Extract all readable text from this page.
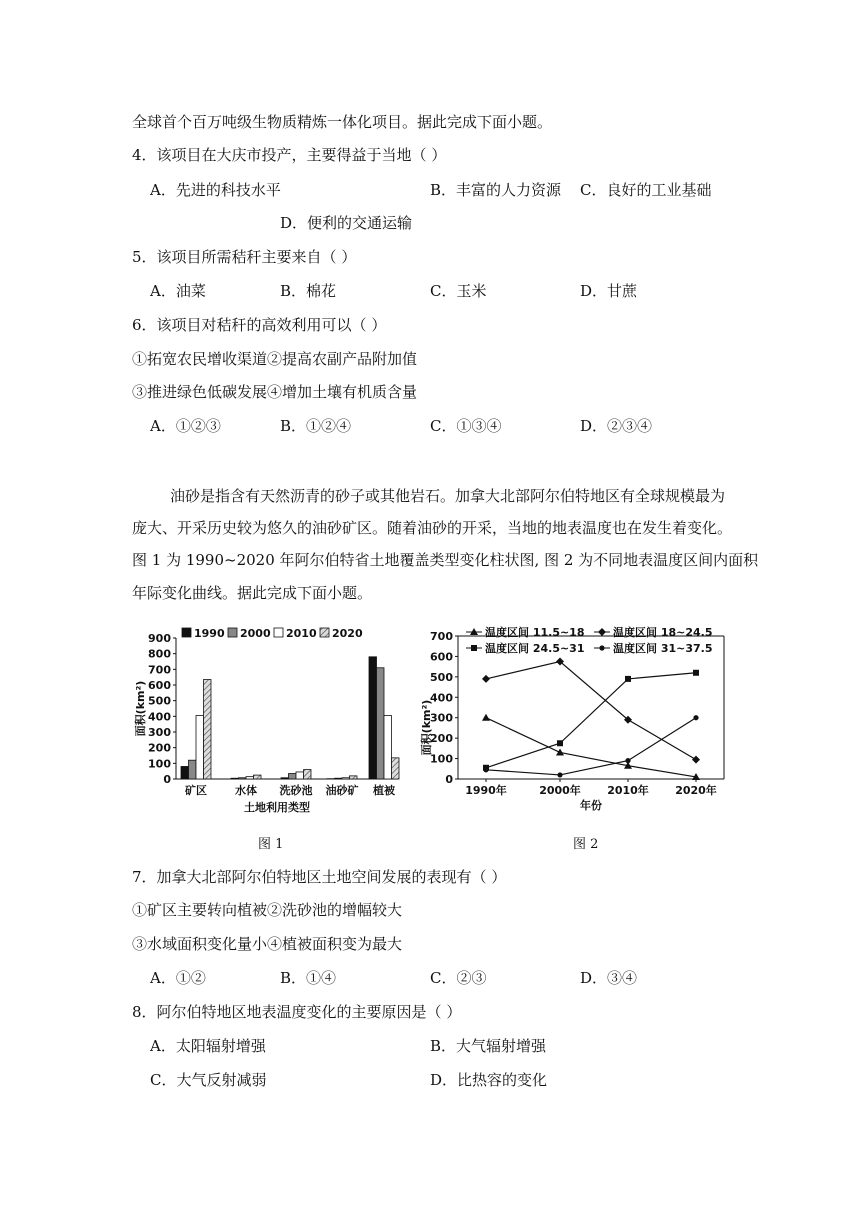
全球首个百万吨级生物质精炼一体化项目。据此完成下面小题。
4．该项目在大庆市投产，主要得益于当地（ ）
A．先进的科技水平	B．丰富的人力资源 C．良好的工业基础
D．便利的交通运输
5．该项目所需秸秆主要来自（ ）
A．油菜	B．棉花	C．玉米	D．甘蔗
6．该项目对秸秆的高效利用可以（ ）
①拓宽农民增收渠道②提高农副产品附加值
③推进绿色低碳发展④增加土壤有机质含量
A．①②③	B．①②④	C．①③④	D．②③④
油砂是指含有天然沥青的砂子或其他岩石。加拿大北部阿尔伯特地区有全球规模最为
庞大、开采历史较为悠久的油砂矿区。随着油砂的开采，当地的地表温度也在发生着变化。
图 1 为 1990~2020 年阿尔伯特省土地覆盖类型变化柱状图, 图 2 为不同地表温度区间内面积
年际变化曲线。据此完成下面小题。
0
100
200
300
400
500
600
700
800
900
面积(km²)
矿区	水体 洗砂池 油砂矿 植被
土地利用类型
1990 2000 2010 2020
图 1
0
100
200
300
400
500
600
700
面积(km²)
1990年	2000年 2010年 2020年
年份
温度区间 11.5~18	温度区间 18~24.5
温度区间 24.5~31	温度区间 31~37.5
图 2
7．加拿大北部阿尔伯特地区土地空间发展的表现有（ ）
①矿区主要转向植被②洗砂池的增幅较大
③水域面积变化量小④植被面积变为最大
A．①②	B．①④	C．②③	D．③④
8．阿尔伯特地区地表温度变化的主要原因是（ ）
A．太阳辐射增强	B．大气辐射增强
C．大气反射减弱	D．比热容的变化
